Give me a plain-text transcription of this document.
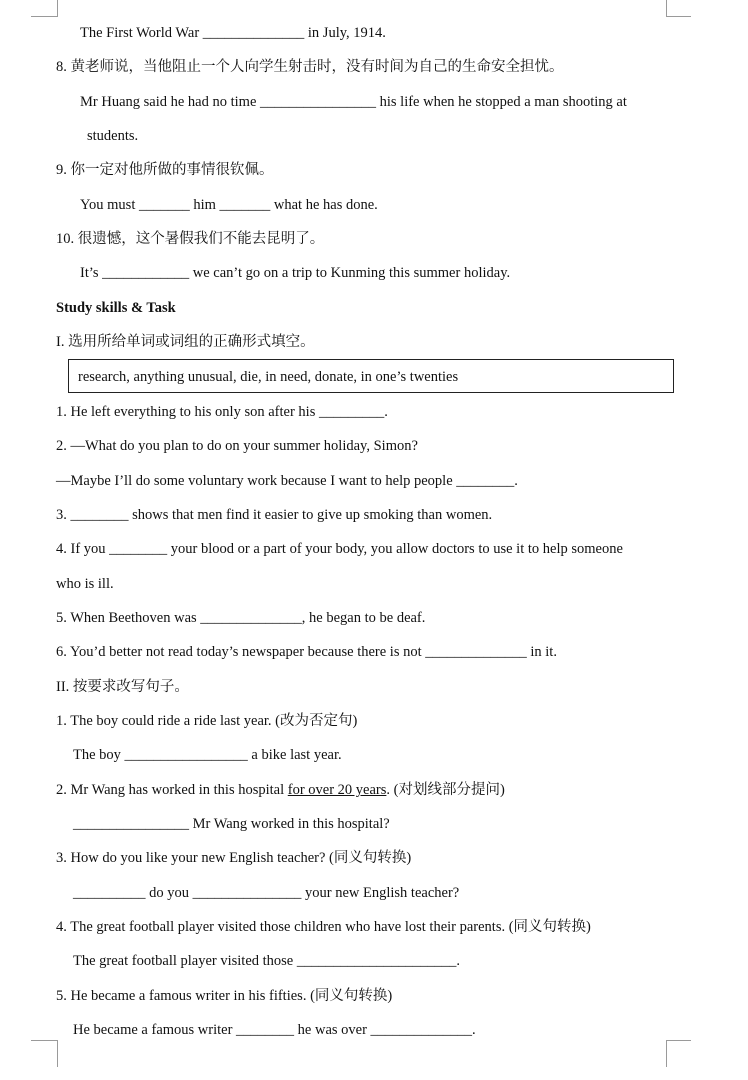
The First World War ______________ in July, 1914.
8. 黄老师说，当他阻止一个人向学生射击时，没有时间为自己的生命安全担忧。
Mr Huang said he had no time ________________ his life when he stopped a man shooting at
students.
9. 你一定对他所做的事情很钦佩。
You must _______ him _______ what he has done.
10. 很遗憾，这个暑假我们不能去昆明了。
It’s ____________ we can’t go on a trip to Kunming this summer holiday.
Study skills & Task
I. 选用所给单词或词组的正确形式填空。
research, anything unusual, die, in need, donate, in one’s twenties
1. He left everything to his only son after his _________.
2. —What do you plan to do on your summer holiday, Simon?
—Maybe I’ll do some voluntary work because I want to help people ________.
3. ________ shows that men find it easier to give up smoking than women.
4. If you ________ your blood or a part of your body, you allow doctors to use it to help someone
who is ill.
5. When Beethoven was ______________, he began to be deaf.
6. You’d better not read today’s newspaper because there is not ______________ in it.
II. 按要求改写句子。
1. The boy could ride a ride last year. (改为否定句)
The boy _________________ a bike last year.
2. Mr Wang has worked in this hospital for over 20 years. (对划线部分提问)
________________ Mr Wang worked in this hospital?
3. How do you like your new English teacher? (同义句转换)
__________ do you _______________ your new English teacher?
4. The great football player visited those children who have lost their parents. (同义句转换)
The great football player visited those ______________________.
5. He became a famous writer in his fifties. (同义句转换)
He became a famous writer ________ he was over ______________.
